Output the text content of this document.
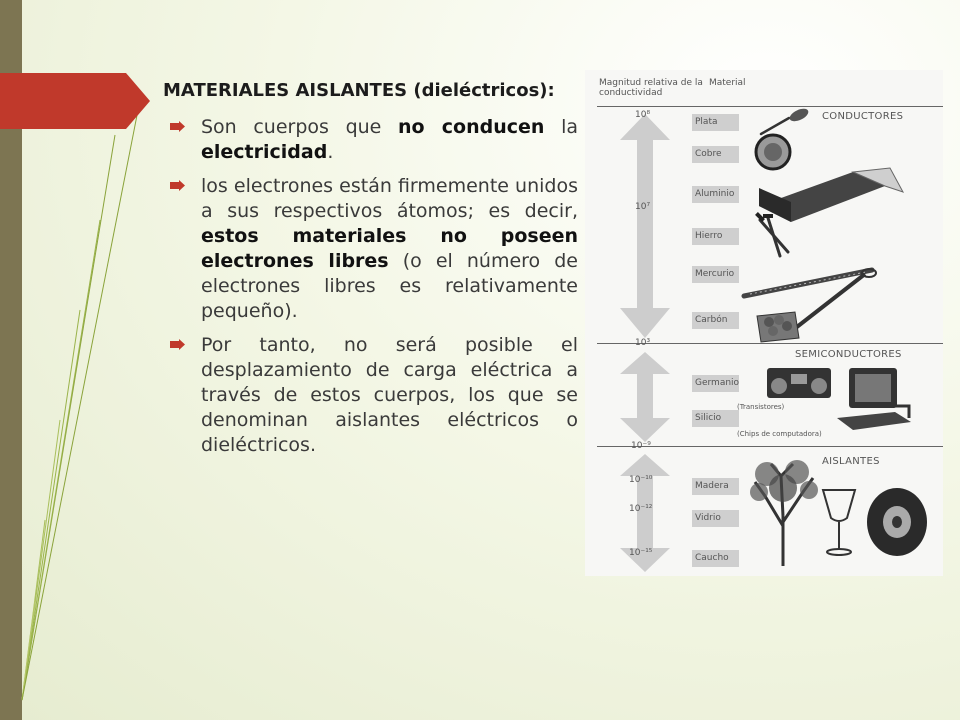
MATERIALES AISLANTES (dieléctricos):
Son cuerpos que no conducen la electricidad.
los electrones están firmemente unidos a sus respectivos átomos; es decir, estos materiales no poseen electrones libres (o el número de electrones libres es relativamente pequeño).
Por tanto, no será posible el desplazamiento de carga eléctrica a través de estos cuerpos, los que se denominan aislantes eléctricos o dieléctricos.
Magnitud relativa de la conductividad
Material
CONDUCTORES
SEMICONDUCTORES
AISLANTES
10⁸
10⁷
10³
10⁻⁹
10⁻¹⁰
10⁻¹²
10⁻¹⁵
Plata
Cobre
Aluminio
Hierro
Mercurio
Carbón
Germanio
Silicio
Madera
Vidrio
Caucho
(Transistores)
(Chips de computadora)
